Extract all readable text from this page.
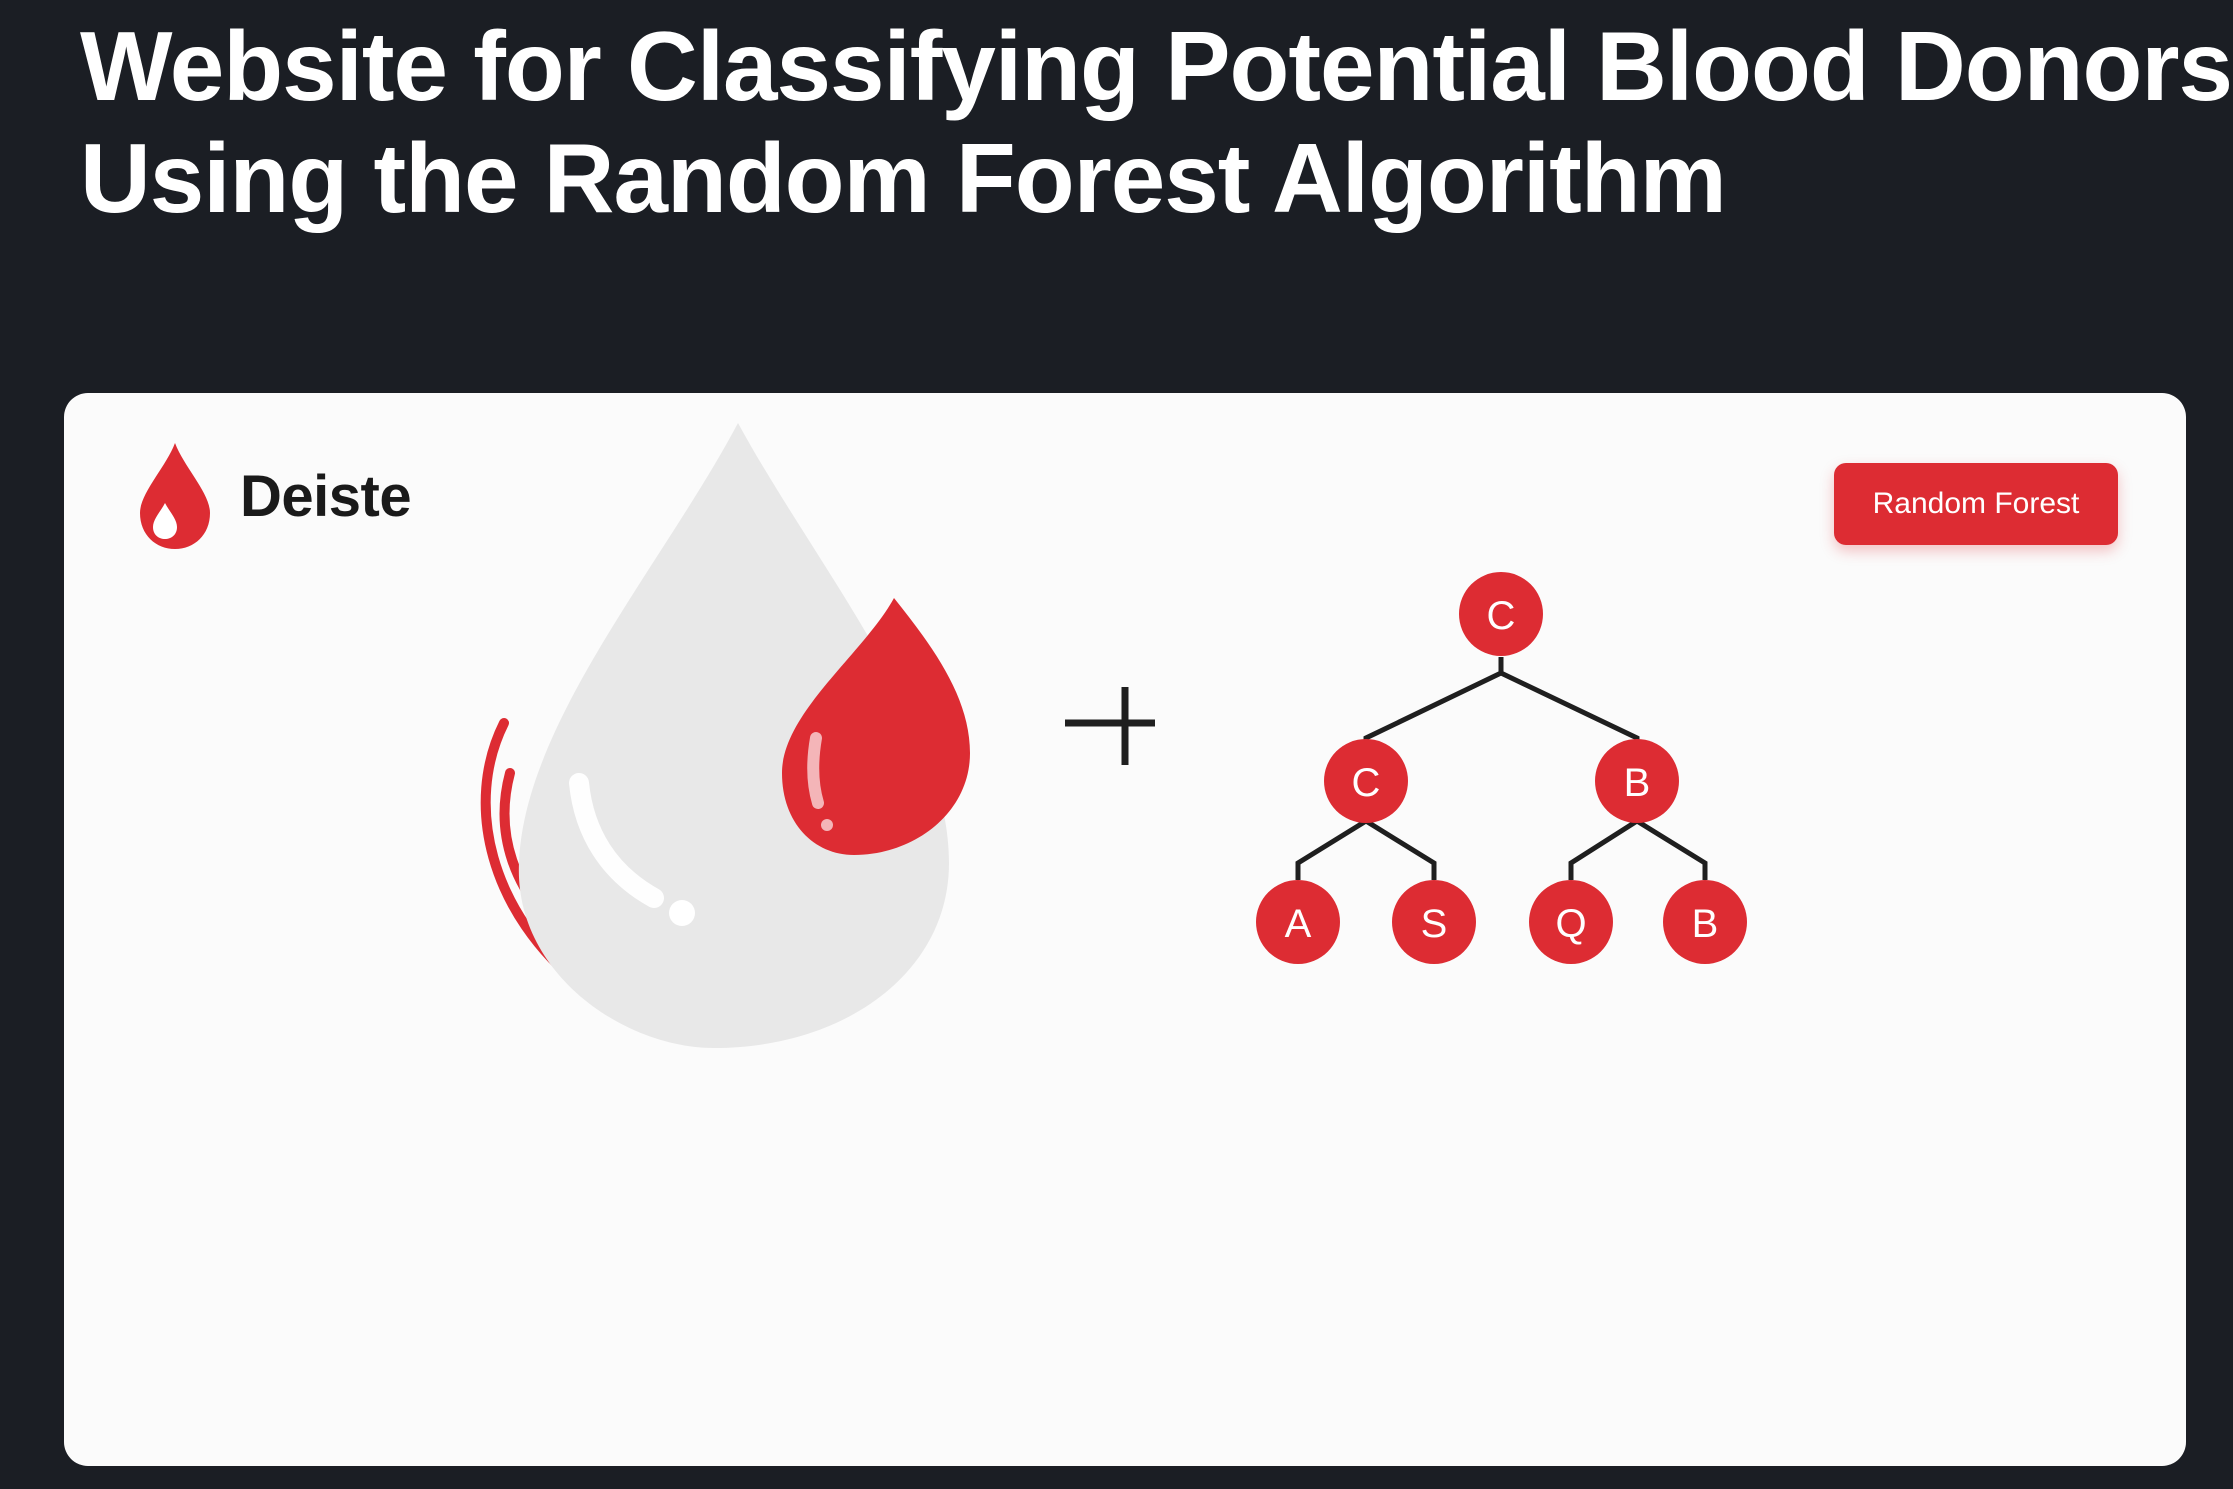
Website for Classifying Potential Blood Donors
Using the Random Forest Algorithm
Deiste	Random Forest
C
C	B
A	S	Q	B
